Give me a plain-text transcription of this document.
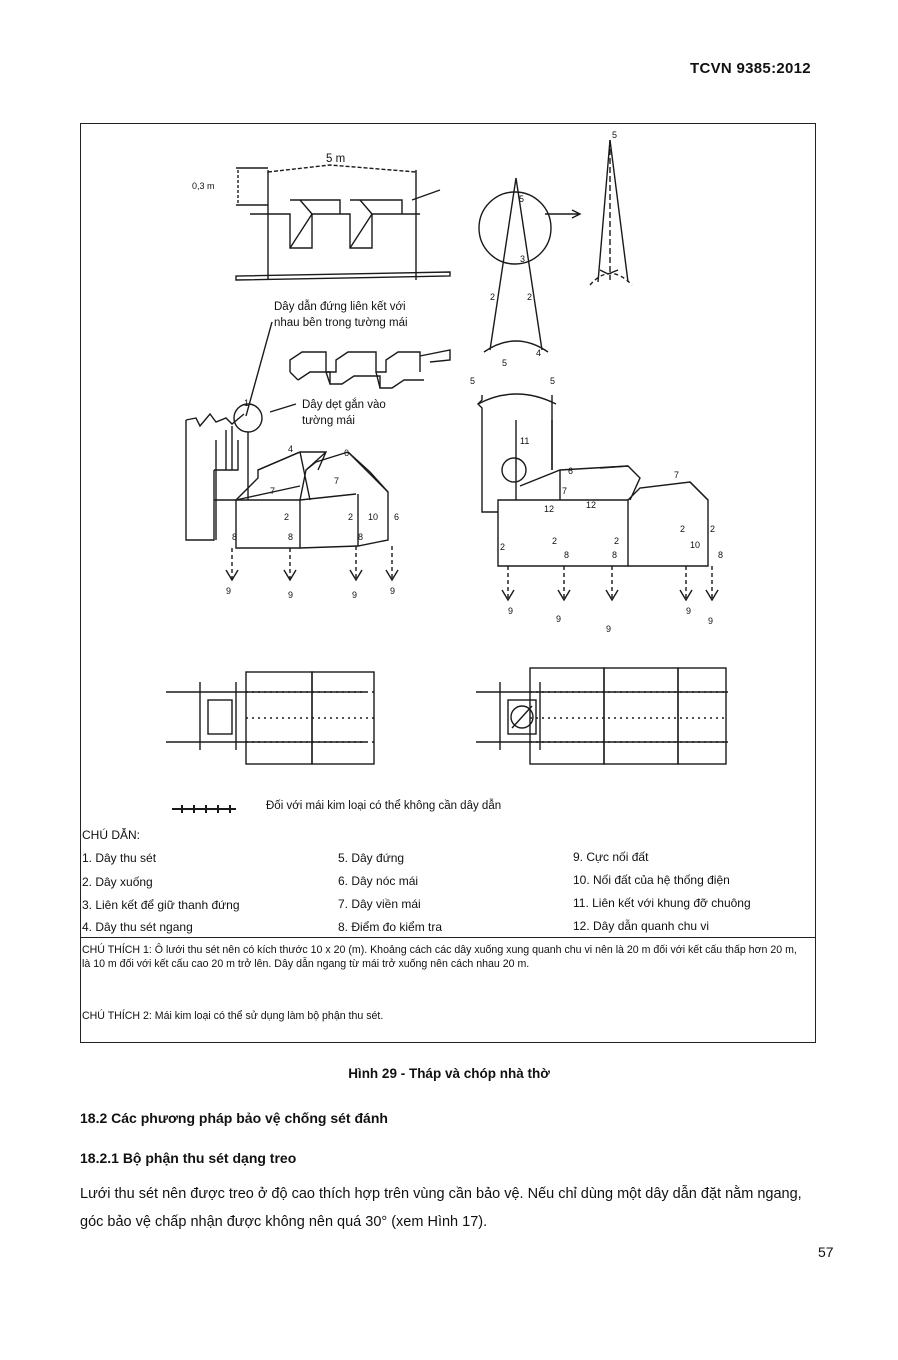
TCVN 9385:2012
5
5
3
2	2
4
5
5
5
11
6
7
12
12
7
2
2	2
2	2
10
8	8	8
9
9
9
9
9
4	6
7
7
2	2 10 6
8	8	8
1
9	9	9	9
5 m
0,3 m
Dây dẫn đứng liên kết với
nhau bên trong tường mái
Dây dẹt gắn vào
tường mái
Đối với mái kim loại có thể không cần dây dẫn
CHÚ DẪN:
1. Dây thu sét
2. Dây xuống
3. Liên kết để giữ thanh đứng
4. Dây thu sét ngang
5. Dây đứng
6. Dây nóc mái
7. Dây viền mái
8. Điểm đo kiểm tra
9. Cực nối đất
10. Nối đất của hệ thống điện
11. Liên kết với khung đỡ chuông
12. Dây dẫn quanh chu vi
CHÚ THÍCH 1: Ô lưới thu sét nên có kích thước 10 x 20 (m). Khoảng cách các dây xuống xung quanh chu vi nên là 20 m đối với kết cấu thấp hơn 20 m, là 10 m đối với kết cấu cao 20 m trở lên. Dây dẫn ngang từ mái trở xuống nên cách nhau 20 m.
CHÚ THÍCH 2: Mái kim loại có thể sử dụng làm bộ phận thu sét.
Hình 29 - Tháp và chóp nhà thờ
18.2 Các phương pháp bảo vệ chống sét đánh
18.2.1 Bộ phận thu sét dạng treo
Lưới thu sét nên được treo ở độ cao thích hợp trên vùng cần bảo vệ. Nếu chỉ dùng một dây dẫn đặt nằm ngang, góc bảo vệ chấp nhận được không nên quá 30° (xem Hình 17).
57
